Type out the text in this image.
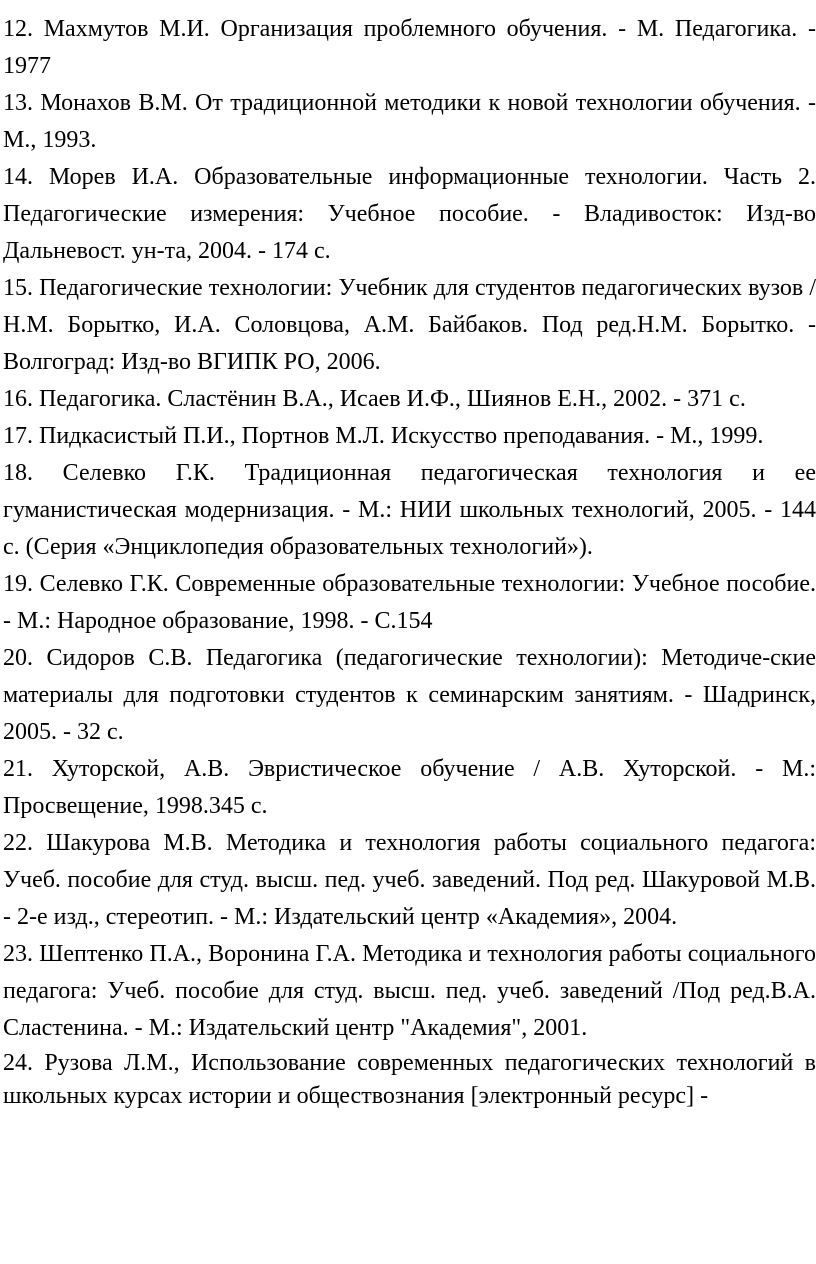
12. Махмутов М.И. Организация проблемного обучения. - М. Педагогика. - 1977
13. Монахов В.М. От традиционной методики к новой технологии обучения. - М., 1993.
14. Морев И.А. Образовательные информационные технологии. Часть 2. Педагогические измерения: Учебное пособие. - Владивосток: Изд-во Дальневост. ун-та, 2004. - 174 с.
15. Педагогические технологии: Учебник для студентов педагогических вузов / Н.М. Борытко, И.А. Соловцова, А.М. Байбаков. Под ред.Н.М. Борытко. - Волгоград: Изд-во ВГИПК РО, 2006.
16. Педагогика. Сластёнин В.А., Исаев И.Ф., Шиянов Е.Н., 2002. - 371 с.
17. Пидкасистый П.И., Портнов М.Л. Искусство преподавания. - М., 1999.
18. Селевко Г.К. Традиционная педагогическая технология и ее гуманистическая модернизация. - М.: НИИ школьных технологий, 2005. - 144 с. (Серия «Энциклопедия образовательных технологий»).
19. Селевко Г.К. Современные образовательные технологии: Учебное пособие. - М.: Народное образование, 1998. - С.154
20. Сидоров С.В. Педагогика (педагогические технологии): Методиче-ские материалы для подготовки студентов к семинарским занятиям. - Шадринск, 2005. - 32 с.
21. Хуторской, А.В. Эвристическое обучение / А.В. Хуторской. - М.: Просвещение, 1998.345 с.
22. Шакурова М.В. Методика и технология работы социального педагога: Учеб. пособие для студ. высш. пед. учеб. заведений. Под ред. Шакуровой М.В. - 2-е изд., стереотип. - М.: Издательский центр «Академия», 2004.
23. Шептенко П.А., Воронина Г.А. Методика и технология работы социального педагога: Учеб. пособие для студ. высш. пед. учеб. заведений /Под ред.В.А. Сластенина. - М.: Издательский центр "Академия", 2001.
24. Рузова Л.М., Использование современных педагогических технологий в школьных курсах истории и обществознания [электронный ресурс] -
